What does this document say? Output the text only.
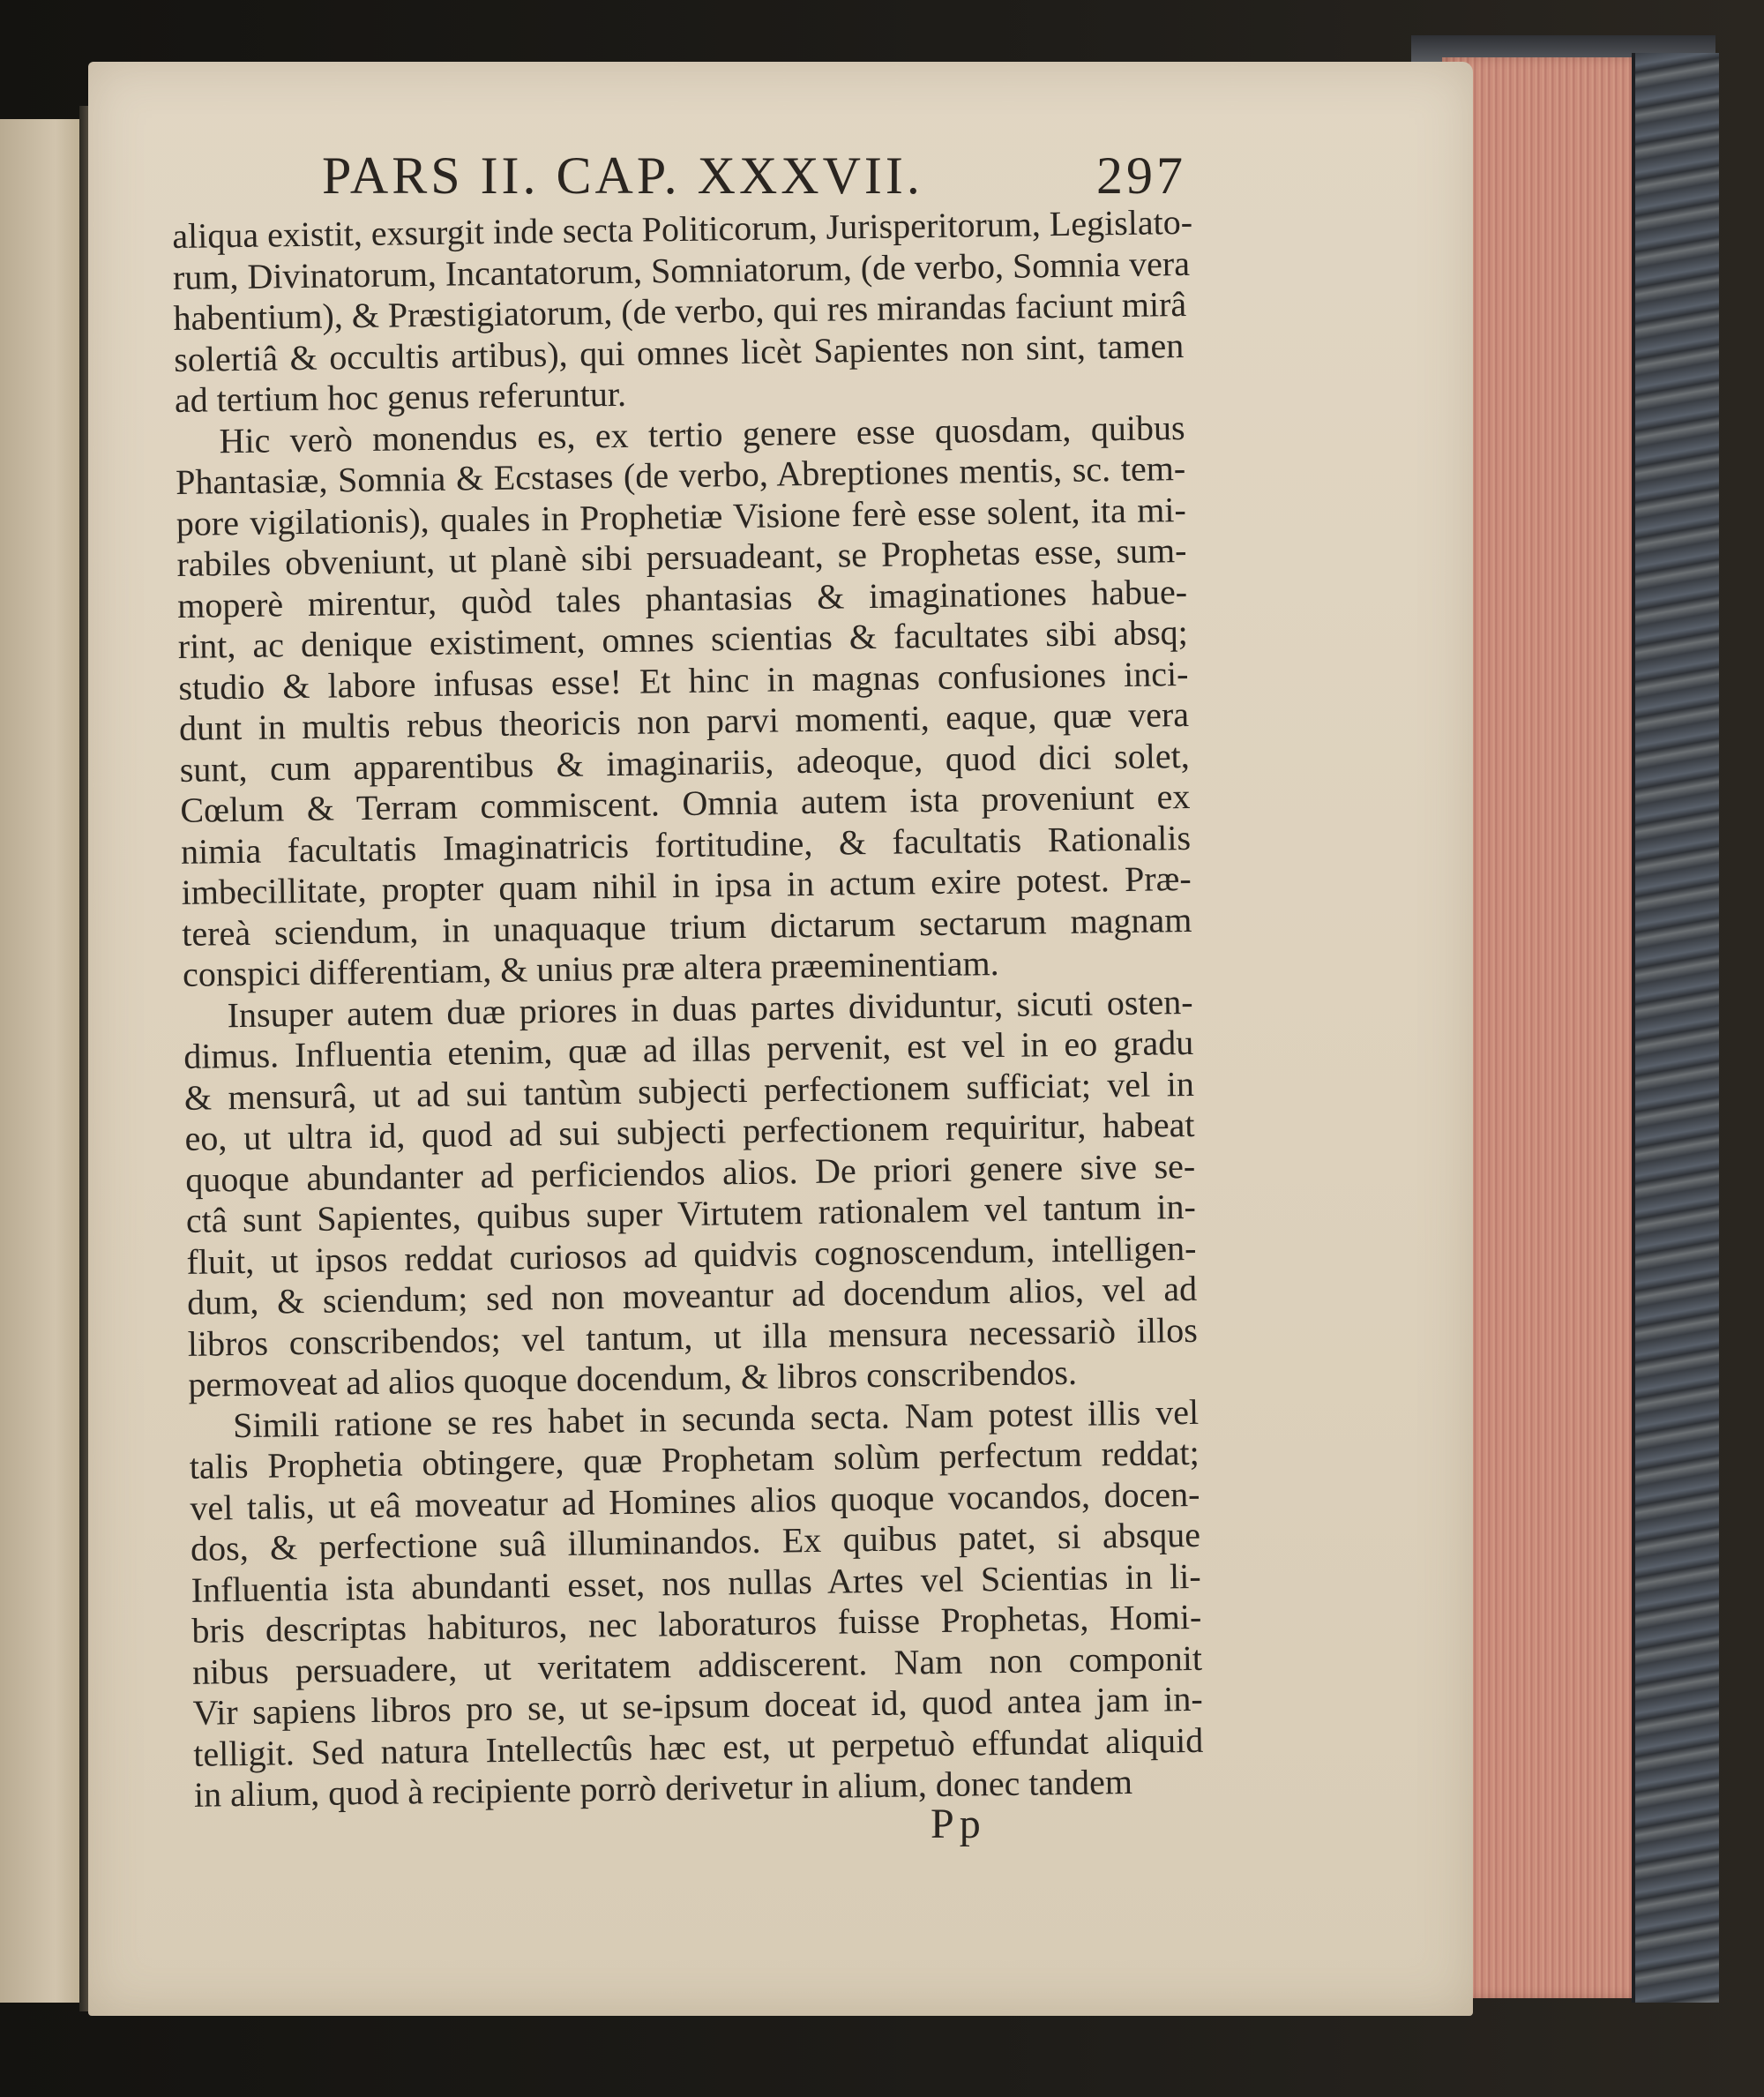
PARS II. CAP. XXXVII.	297
aliqua existit, exsurgit inde secta Politicorum, Jurisperitorum, Legislato-
rum, Divinatorum, Incantatorum, Somniatorum, (de verbo, Somnia vera
habentium), & Præstigiatorum, (de verbo, qui res mirandas faciunt mirâ
solertiâ & occultis artibus), qui omnes licèt Sapientes non sint, tamen
ad tertium hoc genus referuntur.
Hic verò monendus es, ex tertio genere esse quosdam, quibus
Phantasiæ, Somnia & Ecstases (de verbo, Abreptiones mentis, sc. tem-
pore vigilationis), quales in Prophetiæ Visione ferè esse solent, ita mi-
rabiles obveniunt, ut planè sibi persuadeant, se Prophetas esse, sum-
moperè mirentur, quòd tales phantasias & imaginationes habue-
rint, ac denique existiment, omnes scientias & facultates sibi absq;
studio & labore infusas esse! Et hinc in magnas confusiones inci-
dunt in multis rebus theoricis non parvi momenti, eaque, quæ vera
sunt, cum apparentibus & imaginariis, adeoque, quod dici solet,
Cœlum & Terram commiscent. Omnia autem ista proveniunt ex
nimia facultatis Imaginatricis fortitudine, & facultatis Rationalis
imbecillitate, propter quam nihil in ipsa in actum exire potest. Præ-
tereà sciendum, in unaquaque trium dictarum sectarum magnam
conspici differentiam, & unius præ altera præeminentiam.
Insuper autem duæ priores in duas partes dividuntur, sicuti osten-
dimus. Influentia etenim, quæ ad illas pervenit, est vel in eo gradu
& mensurâ, ut ad sui tantùm subjecti perfectionem sufficiat; vel in
eo, ut ultra id, quod ad sui subjecti perfectionem requiritur, habeat
quoque abundanter ad perficiendos alios. De priori genere sive se-
ctâ sunt Sapientes, quibus super Virtutem rationalem vel tantum in-
fluit, ut ipsos reddat curiosos ad quidvis cognoscendum, intelligen-
dum, & sciendum; sed non moveantur ad docendum alios, vel ad
libros conscribendos; vel tantum, ut illa mensura necessariò illos
permoveat ad alios quoque docendum, & libros conscribendos.
Simili ratione se res habet in secunda secta. Nam potest illis vel
talis Prophetia obtingere, quæ Prophetam solùm perfectum reddat;
vel talis, ut eâ moveatur ad Homines alios quoque vocandos, docen-
dos, & perfectione suâ illuminandos. Ex quibus patet, si absque
Influentia ista abundanti esset, nos nullas Artes vel Scientias in li-
bris descriptas habituros, nec laboraturos fuisse Prophetas, Homi-
nibus persuadere, ut veritatem addiscerent. Nam non componit
Vir sapiens libros pro se, ut se-ipsum doceat id, quod antea jam in-
telligit. Sed natura Intellectûs hæc est, ut perpetuò effundat aliquid
in alium, quod à recipiente porrò derivetur in alium, donec tandem
Pp
